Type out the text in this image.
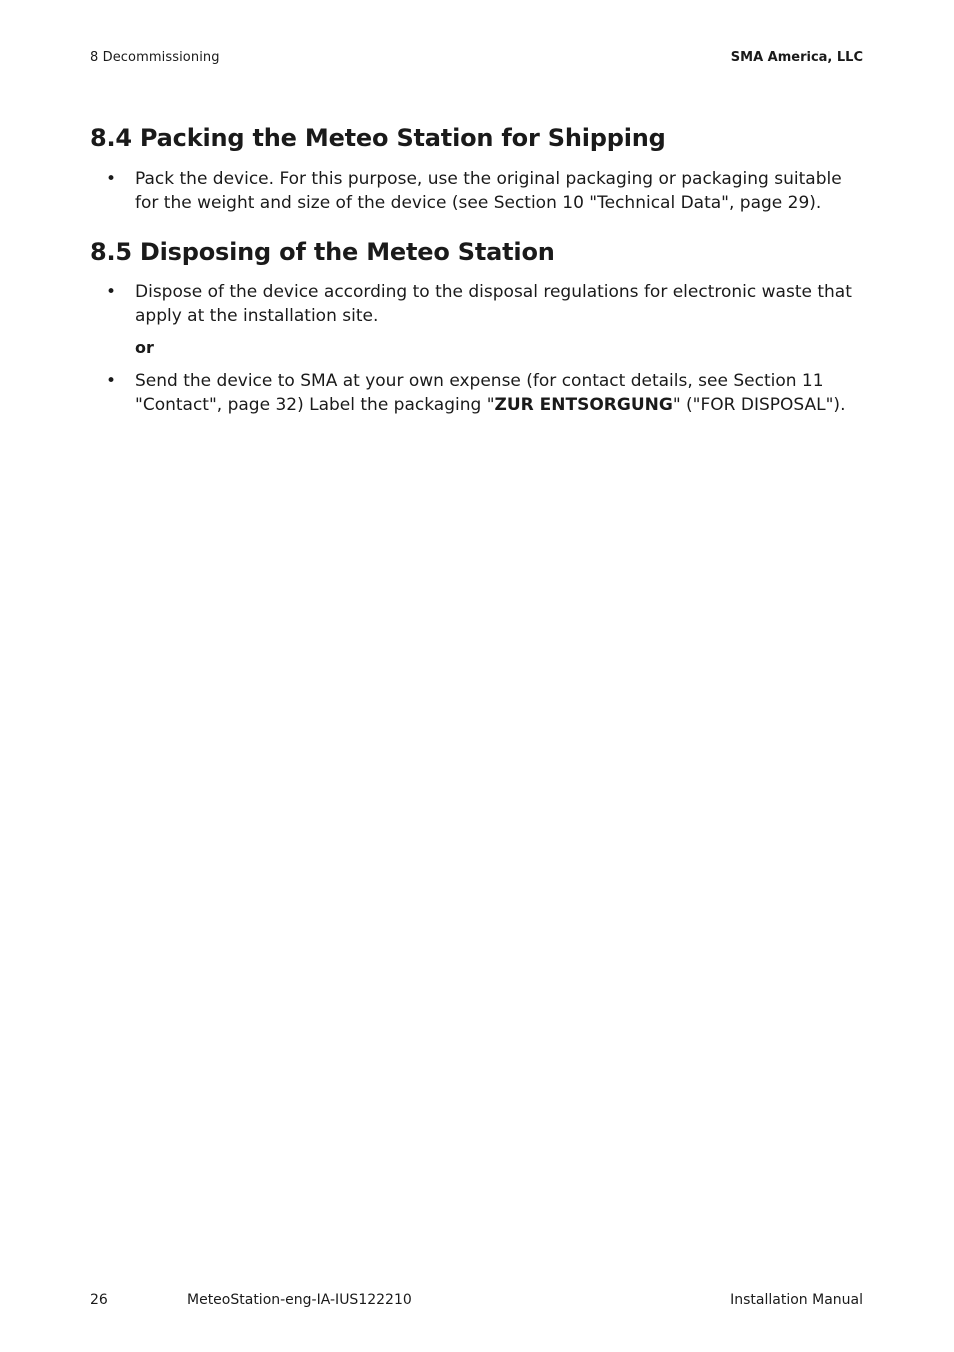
8 Decommissioning	SMA America, LLC
8.4 Packing the Meteo Station for Shipping
• Pack the device. For this purpose, use the original packaging or packaging suitable for the weight and size of the device (see Section 10 "Technical Data", page 29).
8.5 Disposing of the Meteo Station
• Dispose of the device according to the disposal regulations for electronic waste that apply at the installation site.
or
• Send the device to SMA at your own expense (for contact details, see Section 11 "Contact", page 32) Label the packaging "ZUR ENTSORGUNG" ("FOR DISPOSAL").
26	MeteoStation-eng-IA-IUS122210	Installation Manual
